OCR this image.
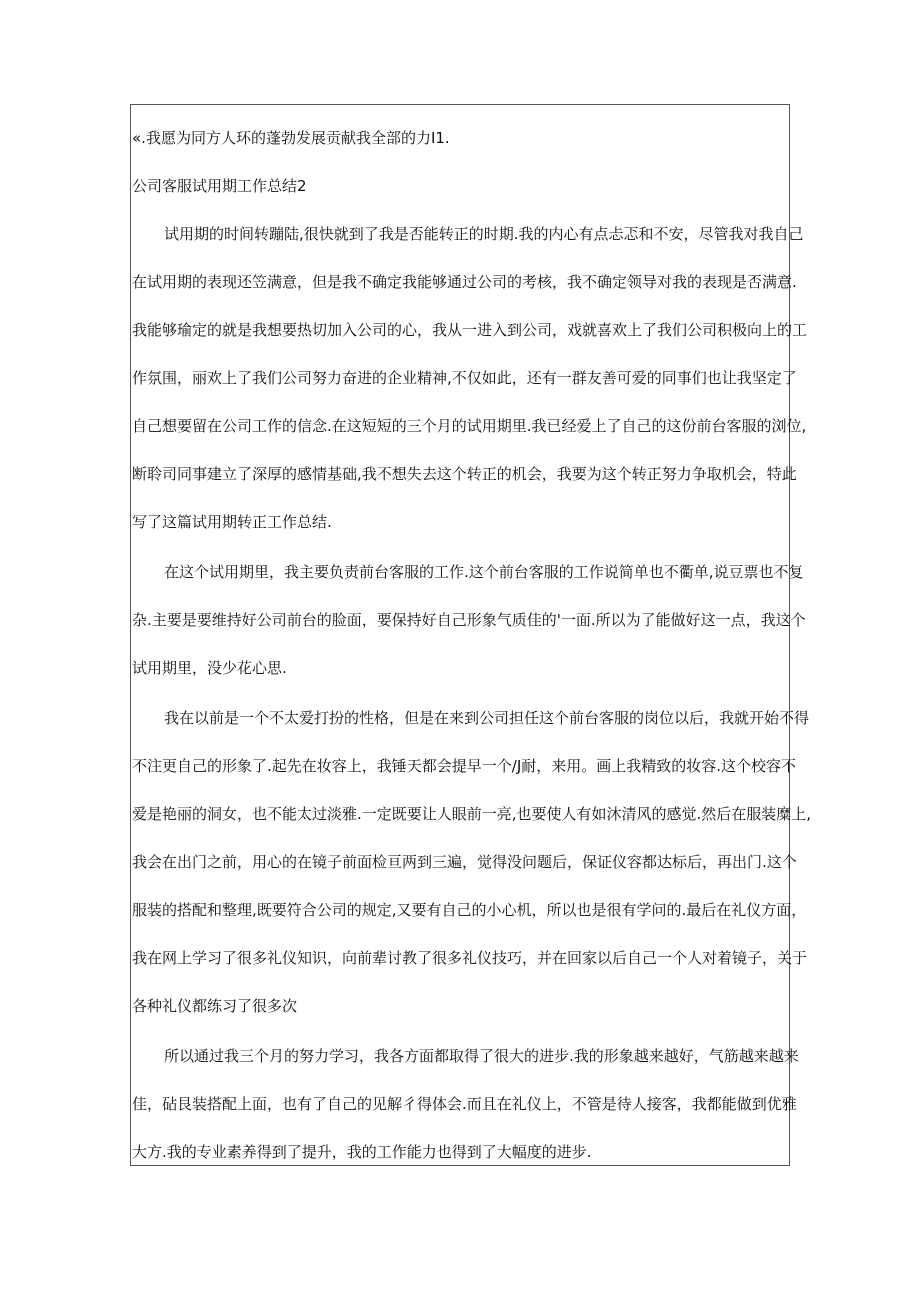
«.我愿为同方人环的蓬勃发展贡献我全部的力I1.
公司客服试用期工作总结2
试用期的时间转蹦陆,很快就到了我是否能转正的时期.我的内心有点忐忑和不安，尽管我对我自己
在试用期的表现还笠满意，但是我不确定我能够通过公司的考核，我不确定领导对我的表现是否满意.
我能够瑜定的就是我想要热切加入公司的心，我从一进入到公司，戏就喜欢上了我们公司积极向上的工
作氛围，丽欢上了我们公司努力奋进的企业精神,不仅如此，还有一群友善可爱的同事们也让我坚定了
自己想要留在公司工作的信念.在这短短的三个月的试用期里.我已经爱上了自己的这份前台客服的浏位,
断聆司同事建立了深厚的感情基础,我不想失去这个转正的机会，我要为这个转正努力争取机会，特此
写了这篇试用期转正工作总结.
在这个试用期里，我主要负责前台客服的工作.这个前台客服的工作说简单也不衢单,说豆票也不复
杂.主要是要维持好公司前台的脸面，要保持好自己形象气质佳的'一面.所以为了能做好这一点，我这个
试用期里，没少花心思.
我在以前是一个不太爱打扮的性格，但是在来到公司担任这个前台客服的岗位以后，我就开始不得
不注更自己的形象了.起先在妆容上，我锤天都会提早一个/J耐，来用。画上我精致的妆容.这个校容不
爱是艳丽的洞女，也不能太过淡雅.一定既要让人眼前一亮,也要使人有如沐清风的感觉.然后在服装糜上,
我会在出门之前，用心的在镜子前面检亘两到三遍，觉得没问题后，保证仪容都达标后，再出门.这个
服装的搭配和整理,既要符合公司的规定,又要有自己的小心机，所以也是很有学问的.最后在礼仪方面，
我在网上学习了很多礼仪知识，向前辈讨教了很多礼仪技巧，并在回家以后自己一个人对着镜子，关于
各种礼仪都练习了很多次
所以通过我三个月的努力学习，我各方面都取得了很大的进步.我的形象越来越好，气筋越来越来
佳，砧艮装搭配上面，也有了自己的见解彳得体会.而且在礼仪上，不管是待人接客，我都能做到优雅
大方.我的专业素养得到了提升，我的工作能力也得到了大幅度的进步.
